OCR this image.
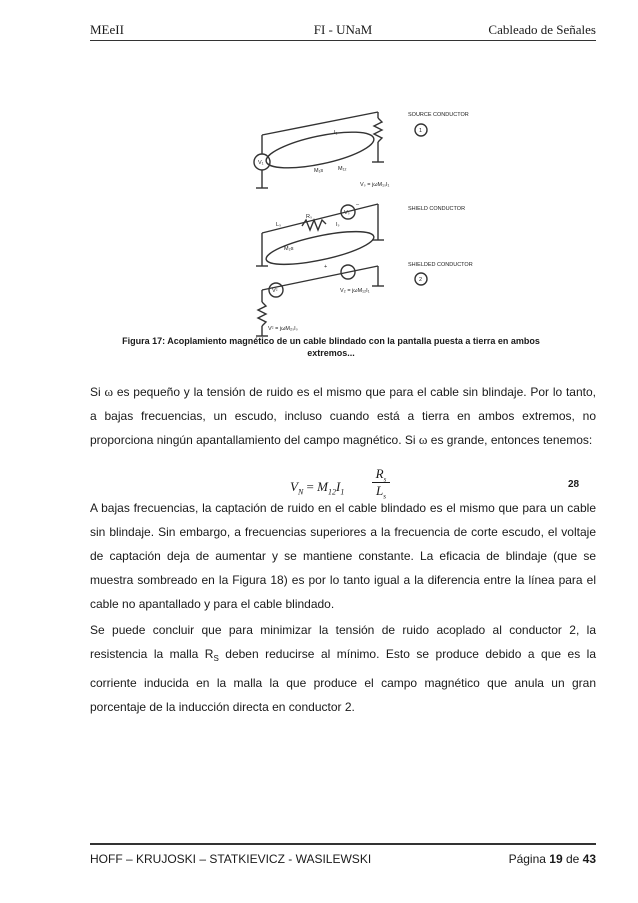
MEeII	FI - UNaM	Cableado de Señales
SOURCE CONDUCTOR
1
SHIELD CONDUCTOR
SHIELDED CONDUCTOR
2
V₁
I₁
M₁s	M₁₂
Vₛ = jωM₁ₛI₁
Rₛ
Lₛ	Iₛ
Vₛ
M₂s
Vᶜ
Vᶜ = jωM₂ₛIₛ
V₂ = jωM₁₂I₁
+
–
Figura 17: Acoplamiento magnético de un cable blindado con la pantalla puesta a tierra en ambos
extremos...
Si ω es pequeño y la tensión de ruido es el mismo que para el cable sin blindaje. Por lo tanto, a bajas frecuencias, un escudo, incluso cuando está a tierra en ambos extremos, no proporciona ningún apantallamiento del campo magnético. Si ω es grande, entonces tenemos:
$V_N = M_{12}I_1$
$R_s$
$L_s$
28
A bajas frecuencias, la captación de ruido en el cable blindado es el mismo que para un cable sin blindaje. Sin embargo, a frecuencias superiores a la frecuencia de corte escudo, el voltaje de captación deja de aumentar y se mantiene constante. La eficacia de blindaje (que se muestra sombreado en la Figura 18) es por lo tanto igual a la diferencia entre la línea para el cable no apantallado y para el cable blindado.
Se puede concluir que para minimizar la tensión de ruido acoplado al conductor 2, la resistencia la malla $R_S$ deben reducirse al mínimo. Esto se produce debido a que es la corriente inducida en la malla la que produce el campo magnético que anula un gran porcentaje de la inducción directa en conductor 2.
HOFF – KRUJOSKI – STATKIEVICZ - WASILEWSKI	Página 19 de 43
